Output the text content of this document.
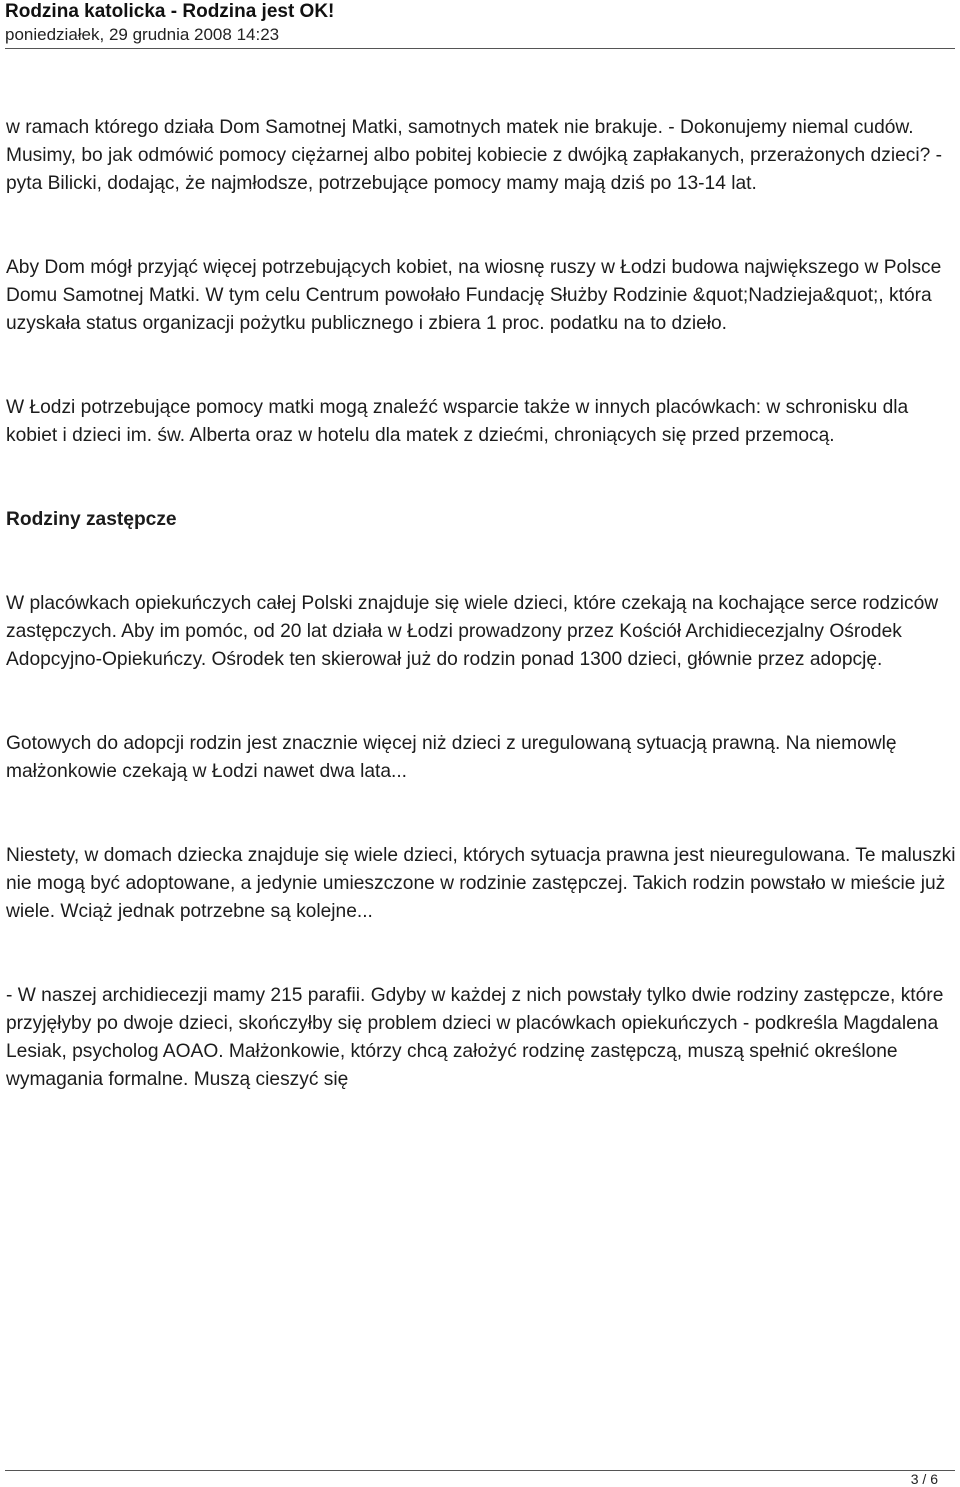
Rodzina katolicka - Rodzina jest OK!
poniedziałek, 29 grudnia 2008 14:23

w ramach którego działa Dom Samotnej Matki, samotnych matek nie brakuje. - Dokonujemy niemal cudów. Musimy, bo jak odmówić pomocy ciężarnej albo pobitej kobiecie z dwójką zapłakanych, przerażonych dzieci? - pyta Bilicki, dodając, że najmłodsze, potrzebujące pomocy mamy mają dziś po 13-14 lat.

Aby Dom mógł przyjąć więcej potrzebujących kobiet, na wiosnę ruszy w Łodzi budowa największego w Polsce Domu Samotnej Matki. W tym celu Centrum powołało Fundację Służby Rodzinie &quot;Nadzieja&quot;, która uzyskała status organizacji pożytku publicznego i zbiera 1 proc. podatku na to dzieło.

W Łodzi potrzebujące pomocy matki mogą znaleźć wsparcie także w innych placówkach: w schronisku dla kobiet i dzieci im. św. Alberta oraz w hotelu dla matek z dziećmi, chroniących się przed przemocą.

Rodziny zastępcze

W placówkach opiekuńczych całej Polski znajduje się wiele dzieci, które czekają na kochające serce rodziców zastępczych. Aby im pomóc, od 20 lat działa w Łodzi prowadzony przez Kościół Archidiecezjalny Ośrodek Adopcyjno-Opiekuńczy. Ośrodek ten skierował już do rodzin ponad 1300 dzieci, głównie przez adopcję.

Gotowych do adopcji rodzin jest znacznie więcej niż dzieci z uregulowaną sytuacją prawną. Na niemowlę małżonkowie czekają w Łodzi nawet dwa lata...

Niestety, w domach dziecka znajduje się wiele dzieci, których sytuacja prawna jest nieuregulowana. Te maluszki nie mogą być adoptowane, a jedynie umieszczone w rodzinie zastępczej. Takich rodzin powstało w mieście już wiele. Wciąż jednak potrzebne są kolejne...

- W naszej archidiecezji mamy 215 parafii. Gdyby w każdej z nich powstały tylko dwie rodziny zastępcze, które przyjęłyby po dwoje dzieci, skończyłby się problem dzieci w placówkach opiekuńczych - podkreśla Magdalena Lesiak, psycholog AOAO. Małżonkowie, którzy chcą założyć rodzinę zastępczą, muszą spełnić określone wymagania formalne. Muszą cieszyć się

3 / 6
